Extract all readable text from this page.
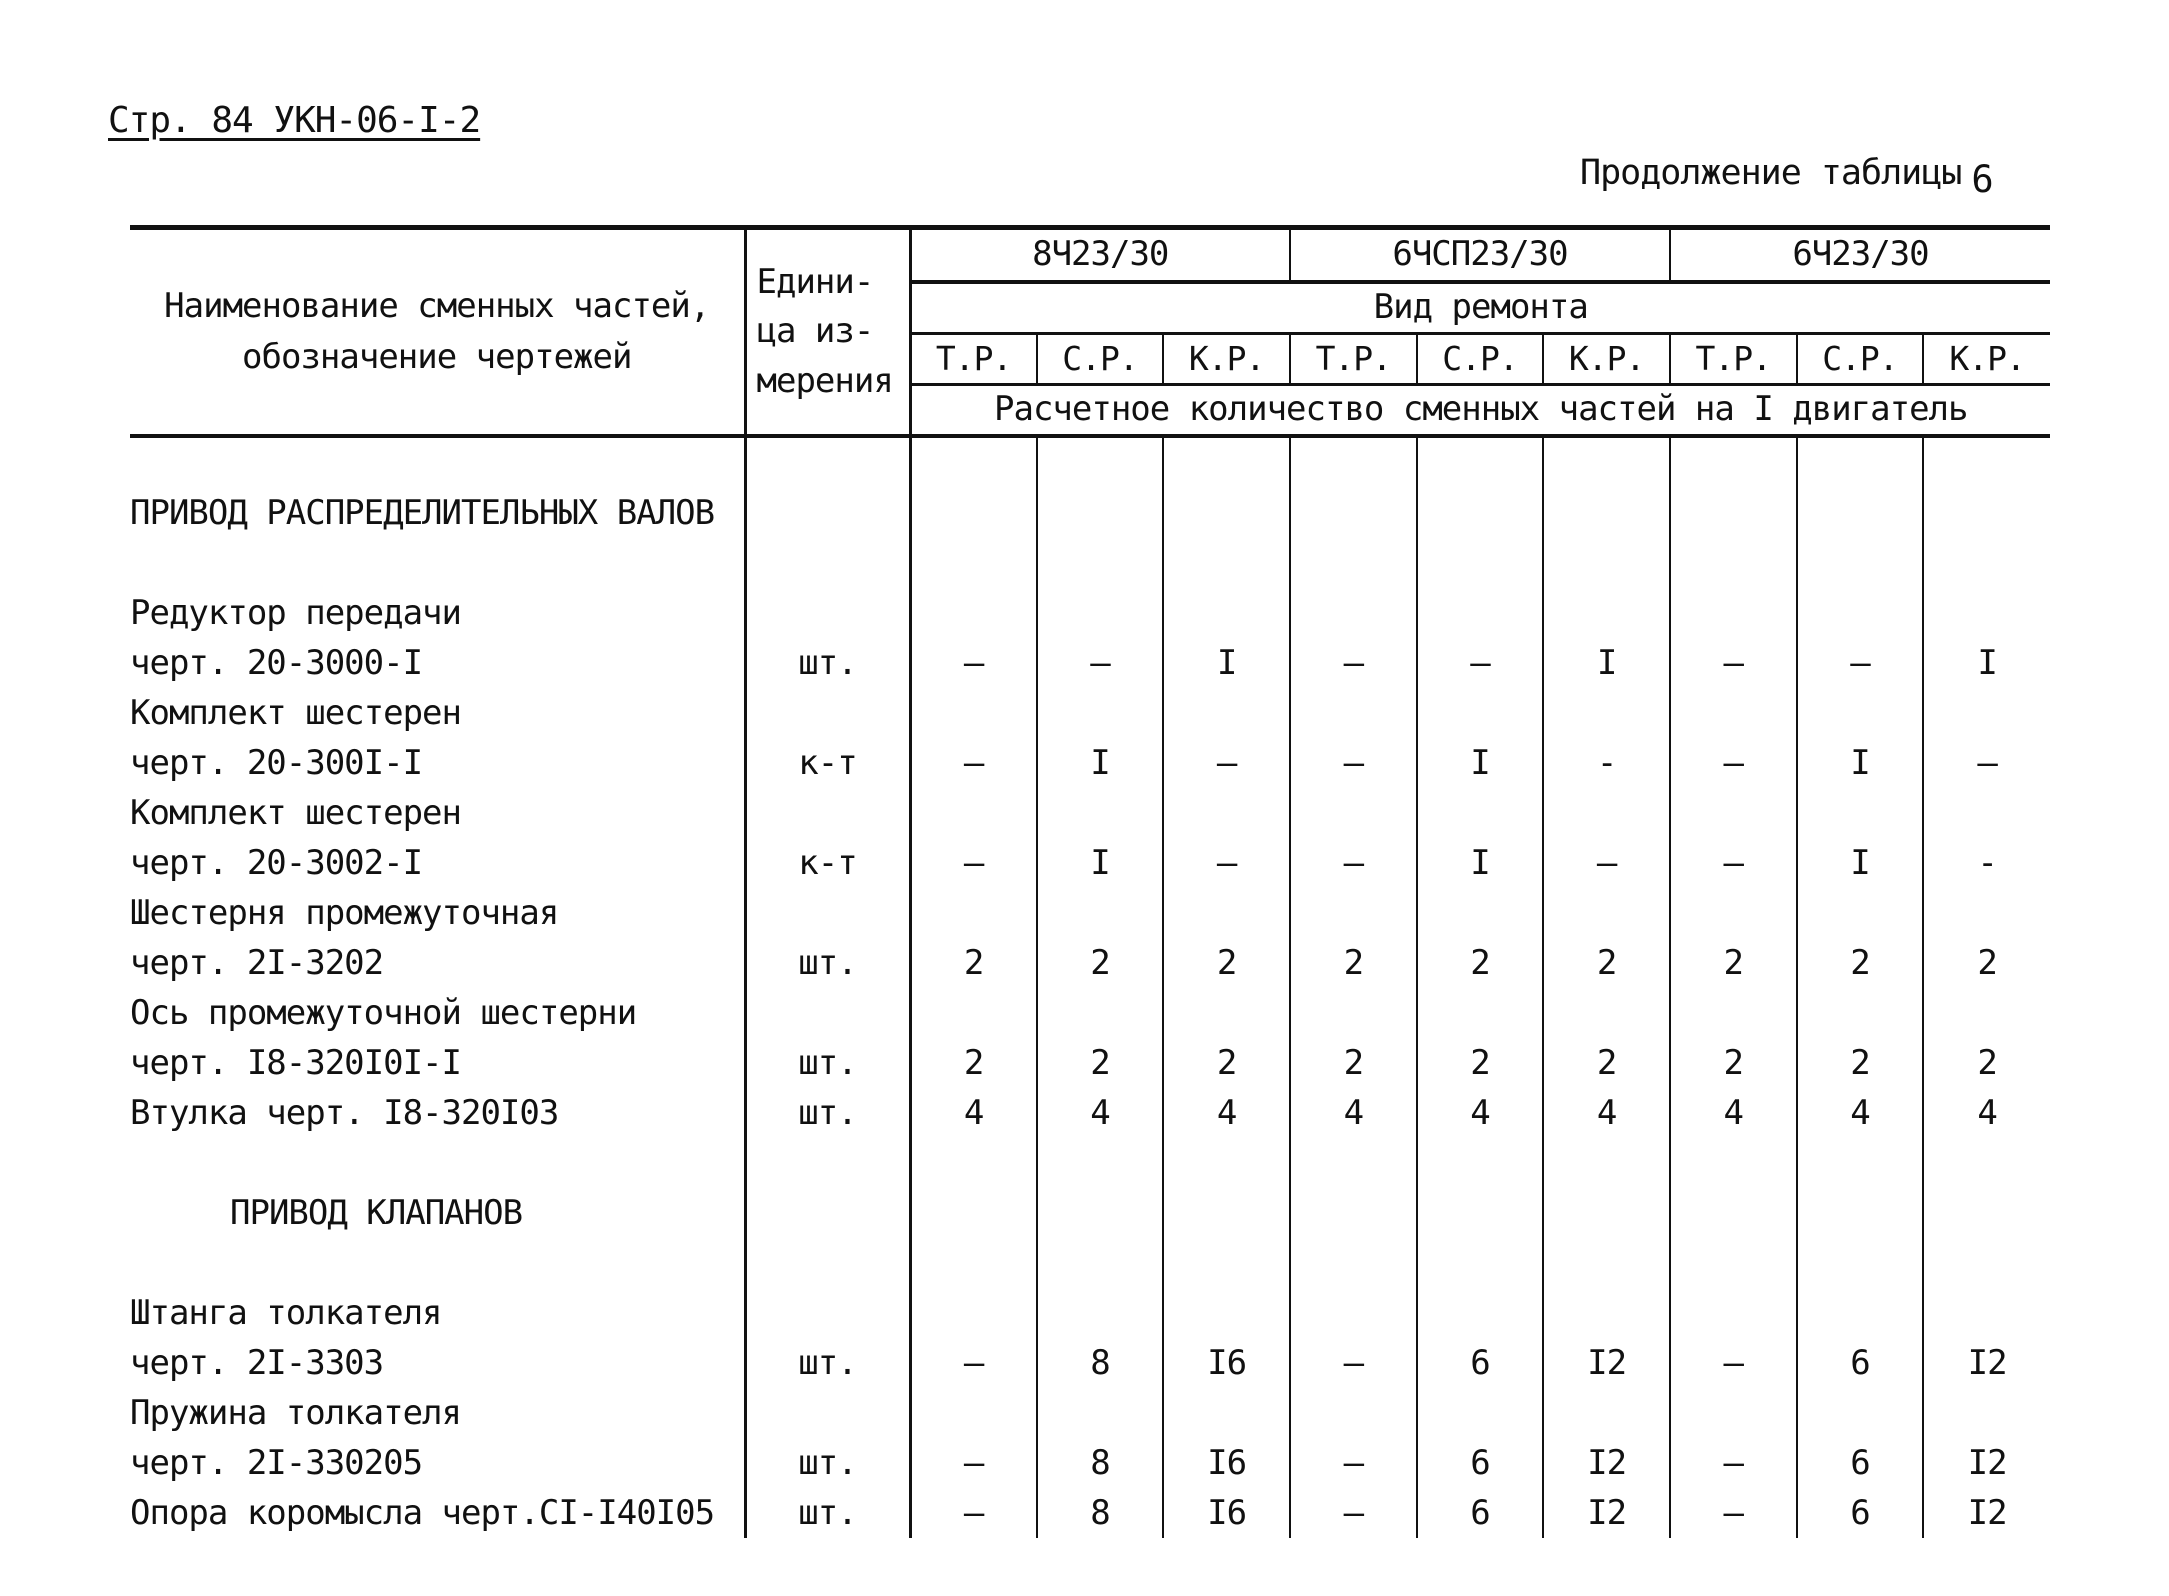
Стр. 84 УКН-06-I-2
Продолжение таблицы 6
Наименование сменных частей, обозначение чертежей	Едини- ца из- мерения	8Ч23/30			6ЧСП23/30			6Ч23/30		
		Вид ремонта								
		Т.Р.	С.Р.	К.Р.	Т.Р.	С.Р.	К.Р.	Т.Р.	С.Р.	К.Р.
		Расчетное количество сменных частей на I двигатель								

ПРИВОД РАСПРЕДЕЛИТЕЛЬНЫХ ВАЛОВ										

Редуктор передачи										
черт. 20-3000-I	шт.	–	–	I	–	–	I	–	–	I
Комплект шестерен										
черт. 20-300I-I	к-т	–	I	–	–	I	-	–	I	–
Комплект шестерен										
черт. 20-3002-I	к-т	–	I	–	–	I	–	–	I	-
Шестерня промежуточная										
черт. 2I-3202	шт.	2	2	2	2	2	2	2	2	2
Ось промежуточной шестерни										
черт. I8-320I0I-I	шт.	2	2	2	2	2	2	2	2	2
Втулка черт. I8-320I03	шт.	4	4	4	4	4	4	4	4	4

ПРИВОД КЛАПАНОВ										

Штанга толкателя										
черт. 2I-3303	шт.	–	8	I6	–	6	I2	–	6	I2
Пружина толкателя										
черт. 2I-330205	шт.	–	8	I6	–	6	I2	–	6	I2
Опора коромысла черт.CI-I40I05	шт.	–	8	I6	–	6	I2	–	6	I2
